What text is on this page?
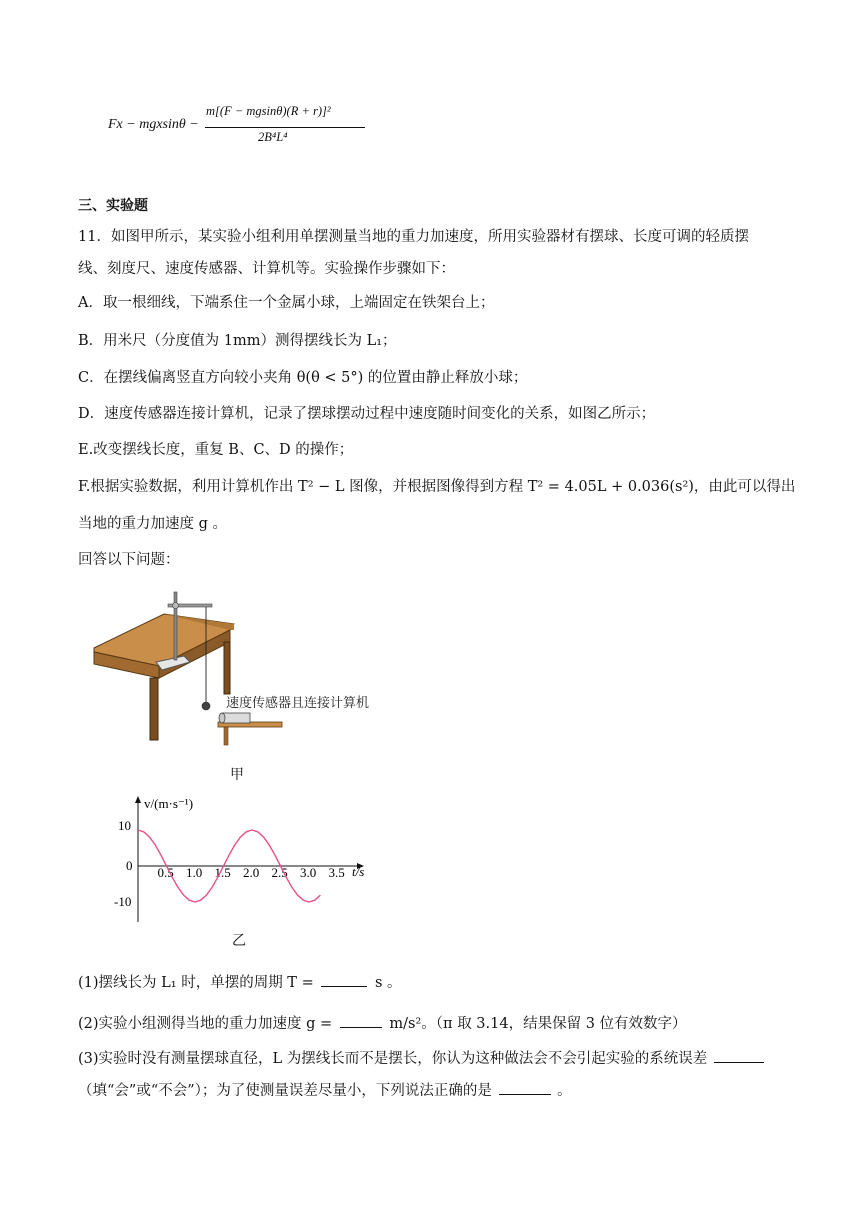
Fx − mgxsinθ −
m[(F − mgsinθ)(R + r)]²
2B⁴L⁴
三、实验题
11．如图甲所示，某实验小组利用单摆测量当地的重力加速度，所用实验器材有摆球、长度可调的轻质摆
线、刻度尺、速度传感器、计算机等。实验操作步骤如下：
A．取一根细线，下端系住一个金属小球，上端固定在铁架台上；
B．用米尺（分度值为 1mm）测得摆线长为 L₁；
C．在摆线偏离竖直方向较小夹角 θ(θ < 5°) 的位置由静止释放小球；
D．速度传感器连接计算机，记录了摆球摆动过程中速度随时间变化的关系，如图乙所示；
E.改变摆线长度，重复 B、C、D 的操作；
F.根据实验数据，利用计算机作出 T² − L 图像，并根据图像得到方程 T² = 4.05L + 0.036(s²)，由此可以得出
当地的重力加速度 g 。
回答以下问题：
速度传感器且连接计算机
甲
v/(m·s⁻¹)
t/s
10
0
-10
0.5 1.0 1.5 2.0 2.5 3.0 3.5
乙
(1)摆线长为 L₁ 时，单摆的周期 T =	s 。
(2)实验小组测得当地的重力加速度 g =	m/s²。（π 取 3.14，结果保留 3 位有效数字）
(3)实验时没有测量摆球直径，L 为摆线长而不是摆长，你认为这种做法会不会引起实验的系统误差
（填“会”或“不会”）；为了使测量误差尽量小，下列说法正确的是	。
